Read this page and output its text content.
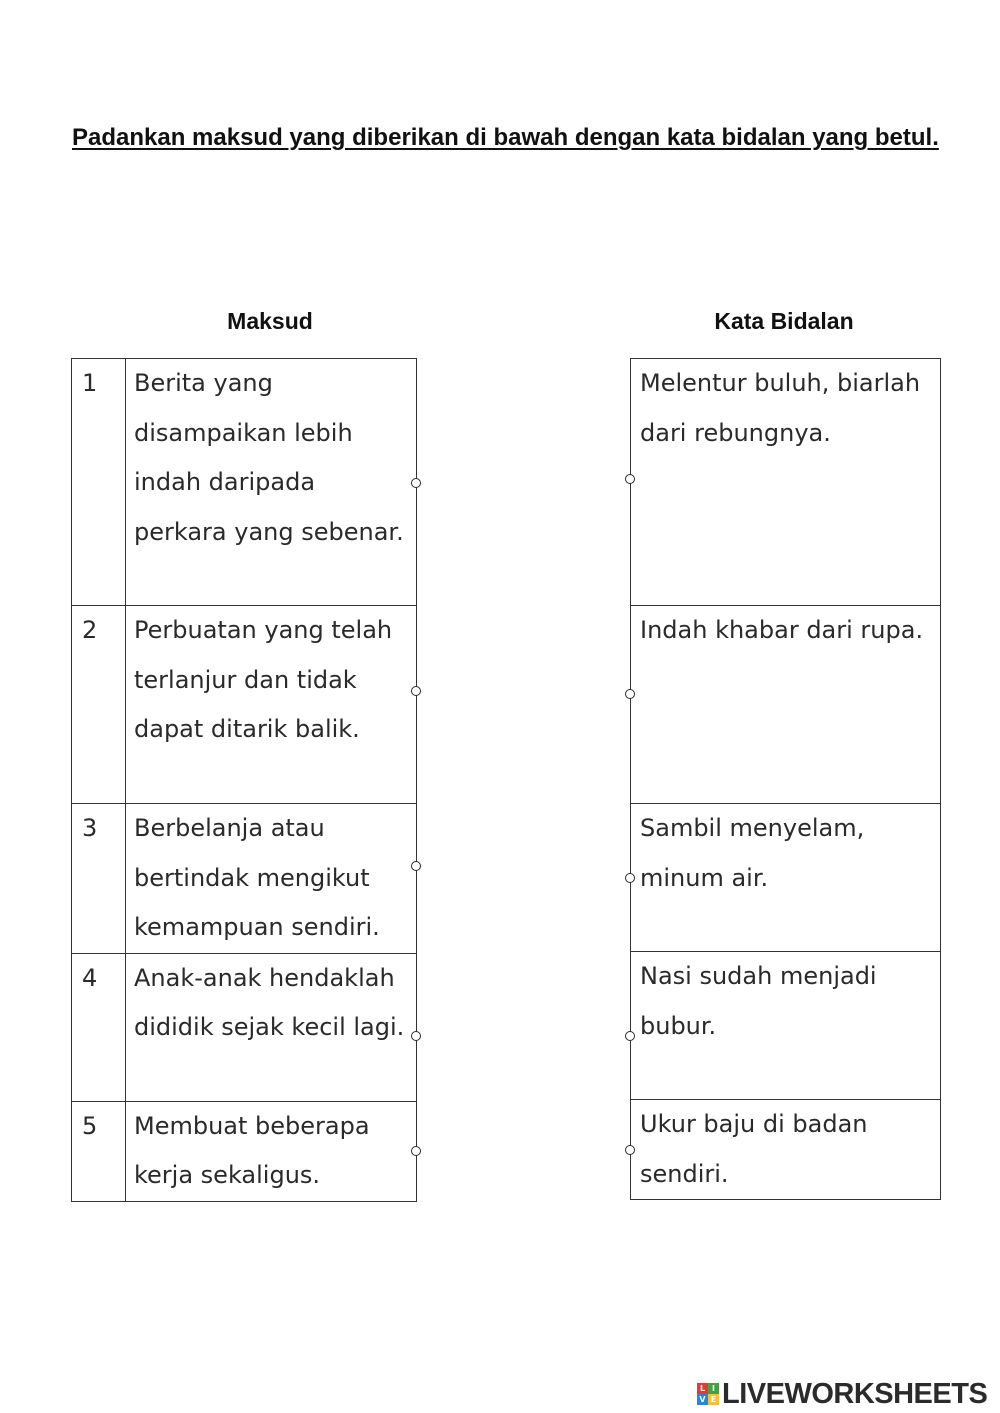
Padankan maksud yang diberikan di bawah dengan kata bidalan yang betul.

Maksud	Kata Bidalan

1	Berita yang disampaikan lebih indah daripada perkara yang sebenar.

2	Perbuatan yang telah terlanjur dan tidak dapat ditarik balik.

3	Berbelanja atau bertindak mengikut kemampuan sendiri.

4	Anak-anak hendaklah dididik sejak kecil lagi.

5	Membuat beberapa kerja sekaligus.
Melentur buluh, biarlah dari rebungnya.

Indah khabar dari rupa.

Sambil menyelam, minum air.

Nasi sudah menjadi bubur.

Ukur baju di badan sendiri.
L I
V E LIVEWORKSHEETS
